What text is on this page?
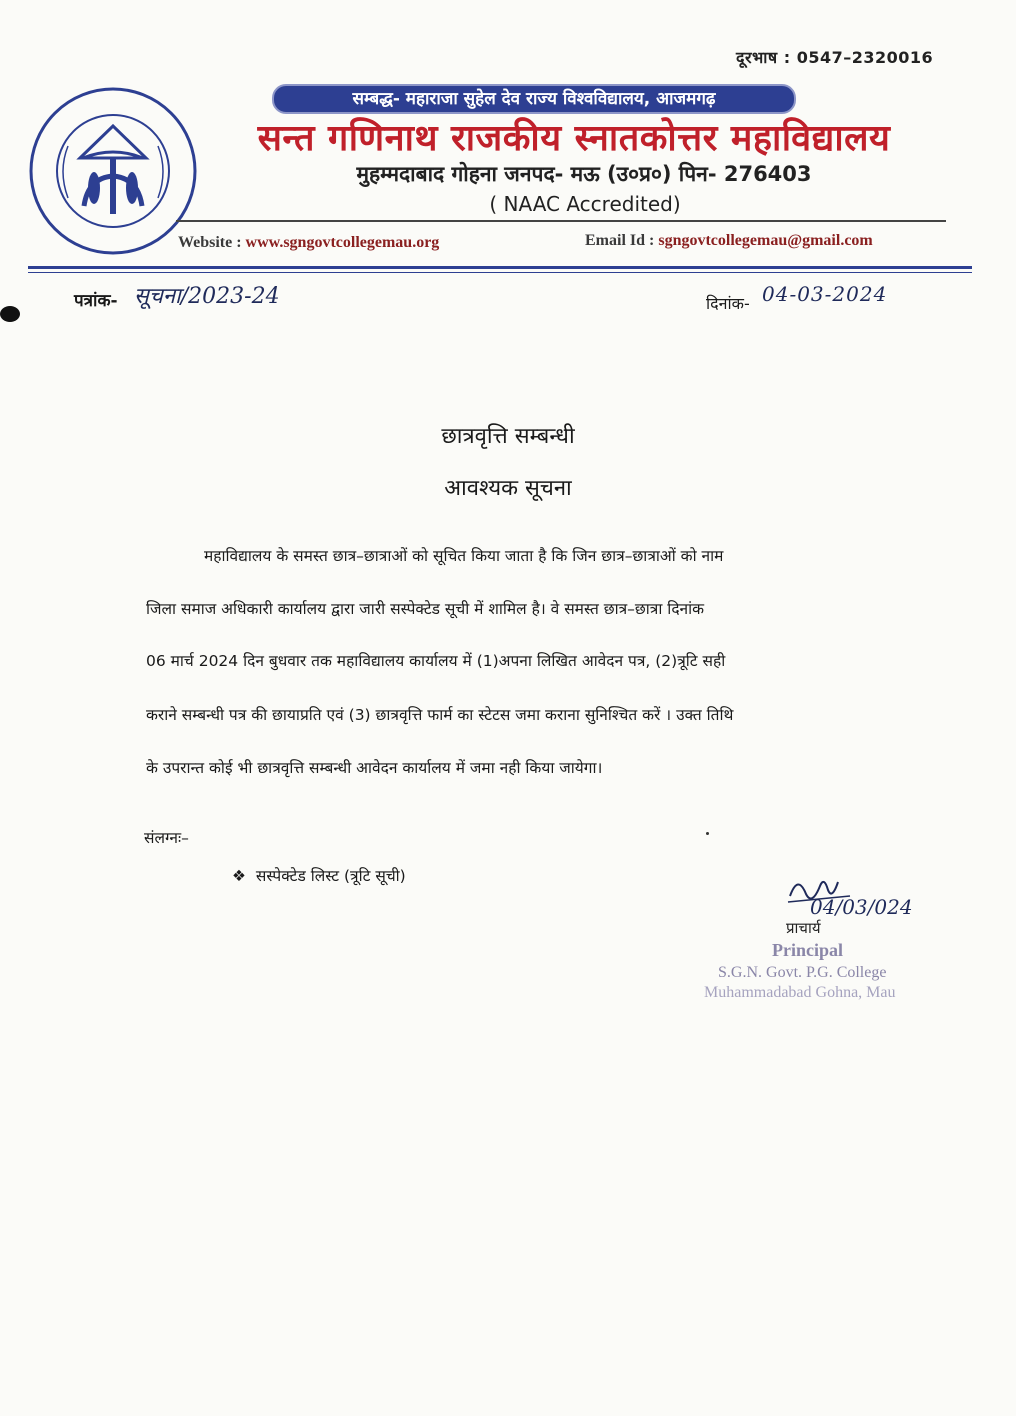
दूरभाष : 0547–2320016
सम्बद्ध- महाराजा सुहेल देव राज्य विश्वविद्यालय, आजमगढ़
सन्त गणिनाथ राजकीय स्नातकोत्तर महाविद्यालय
मुहम्मदाबाद गोहना जनपद- मऊ (उ०प्र०) पिन- 276403
( NAAC Accredited)
Website : www.sgngovtcollegemau.org	Email Id : sgngovtcollegemau@gmail.com
पत्रांक- सूचना/2023-24	दिनांक- 04-03-2024
छात्रवृत्ति सम्बन्धी
आवश्यक सूचना
महाविद्यालय के समस्त छात्र–छात्राओं को सूचित किया जाता है कि जिन छात्र–छात्राओं को नाम
जिला समाज अधिकारी कार्यालय द्वारा जारी सस्पेक्टेड सूची में शामिल है। वे समस्त छात्र–छात्रा दिनांक
06 मार्च 2024 दिन बुधवार तक महाविद्यालय कार्यालय में (1)अपना लिखित आवेदन पत्र, (2)त्रूटि सही
कराने सम्बन्धी पत्र की छायाप्रति एवं (3) छात्रवृत्ति फार्म का स्टेटस जमा कराना सुनिश्चित करें । उक्त तिथि
के उपरान्त कोई भी छात्रवृत्ति सम्बन्धी आवेदन कार्यालय में जमा नही किया जायेगा।
संलग्नः–
❖ सस्पेक्टेड लिस्ट (त्रूटि सूची)
04/03/024
प्राचार्य
Principal
S.G.N. Govt. P.G. College
Muhammadabad Gohna, Mau
